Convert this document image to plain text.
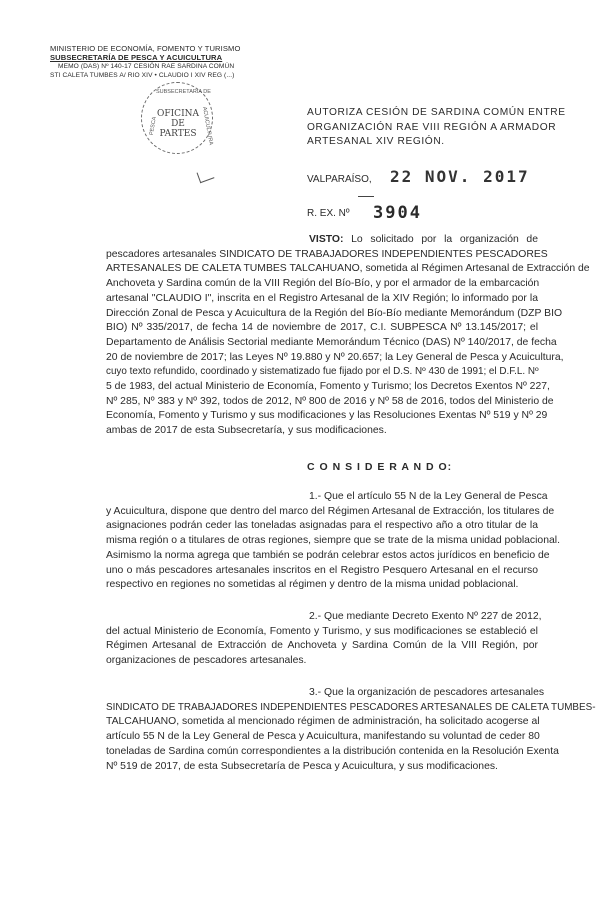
MINISTERIO DE ECONOMÍA, FOMENTO Y TURISMO
SUBSECRETARÍA DE PESCA Y ACUICULTURA
MEMO (DAS) Nº 140-17 CESIÓN RAE SARDINA COMÚN
STI CALETA TUMBES A/ RIO XIV • CLAUDIO I XIV REG (...)
SUBSECRETARIA DE
PESCA	ACUICULTURA
OFICINA DE
PARTES
AUTORIZA CESIÓN DE SARDINA COMÚN ENTRE
ORGANIZACIÓN RAE VIII REGIÓN A ARMADOR
ARTESANAL XIV REGIÓN.
VALPARAÍSO, 22 NOV. 2017
R. EX. Nº 3904
VISTO: Lo solicitado por la organización de
pescadores artesanales SINDICATO DE TRABAJADORES INDEPENDIENTES PESCADORES
ARTESANALES DE CALETA TUMBES TALCAHUANO, sometida al Régimen Artesanal de Extracción de
Anchoveta y Sardina común de la VIII Región del Bío-Bío, y por el armador de la embarcación
artesanal "CLAUDIO I", inscrita en el Registro Artesanal de la XIV Región; lo informado por la
Dirección Zonal de Pesca y Acuicultura de la Región del Bío-Bío mediante Memorándum (DZP BIO
BIO) Nº 335/2017, de fecha 14 de noviembre de 2017, C.I. SUBPESCA Nº 13.145/2017; el
Departamento de Análisis Sectorial mediante Memorándum Técnico (DAS) Nº 140/2017, de fecha
20 de noviembre de 2017; las Leyes Nº 19.880 y Nº 20.657; la Ley General de Pesca y Acuicultura,
cuyo texto refundido, coordinado y sistematizado fue fijado por el D.S. Nº 430 de 1991; el D.F.L. Nº
5 de 1983, del actual Ministerio de Economía, Fomento y Turismo; los Decretos Exentos Nº 227,
Nº 285, Nº 383 y Nº 392, todos de 2012, Nº 800 de 2016 y Nº 58 de 2016, todos del Ministerio de
Economía, Fomento y Turismo y sus modificaciones y las Resoluciones Exentas Nº 519 y Nº 29
ambas de 2017 de esta Subsecretaría, y sus modificaciones.
C O N S I D E R A N D O:
1.- Que el artículo 55 N de la Ley General de Pesca
y Acuicultura, dispone que dentro del marco del Régimen Artesanal de Extracción, los titulares de
asignaciones podrán ceder las toneladas asignadas para el respectivo año a otro titular de la
misma región o a titulares de otras regiones, siempre que se trate de la misma unidad poblacional.
Asimismo la norma agrega que también se podrán celebrar estos actos jurídicos en beneficio de
uno o más pescadores artesanales inscritos en el Registro Pesquero Artesanal en el recurso
respectivo en regiones no sometidas al régimen y dentro de la misma unidad poblacional.
2.- Que mediante Decreto Exento Nº 227 de 2012,
del actual Ministerio de Economía, Fomento y Turismo, y sus modificaciones se estableció el
Régimen Artesanal de Extracción de Anchoveta y Sardina Común de la VIII Región, por
organizaciones de pescadores artesanales.
3.- Que la organización de pescadores artesanales
SINDICATO DE TRABAJADORES INDEPENDIENTES PESCADORES ARTESANALES DE CALETA TUMBES-
TALCAHUANO, sometida al mencionado régimen de administración, ha solicitado acogerse al
artículo 55 N de la Ley General de Pesca y Acuicultura, manifestando su voluntad de ceder 80
toneladas de Sardina común correspondientes a la distribución contenida en la Resolución Exenta
Nº 519 de 2017, de esta Subsecretaría de Pesca y Acuicultura, y sus modificaciones.
